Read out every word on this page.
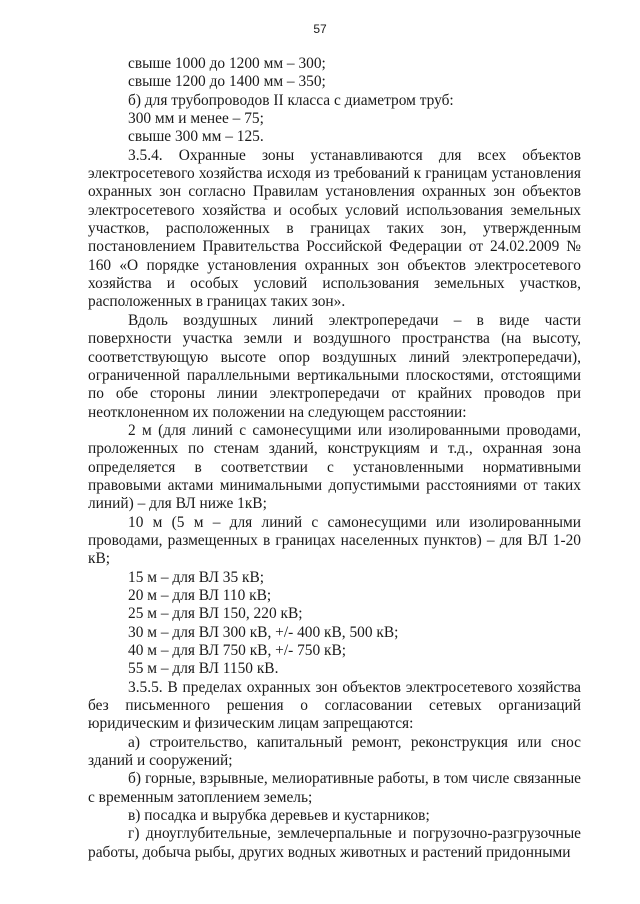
57

свыше 1000 до 1200 мм – 300;

свыше 1200 до 1400 мм – 350;

б) для трубопроводов II класса с диаметром труб:

300 мм и менее – 75;

свыше 300 мм – 125.

3.5.4. Охранные зоны устанавливаются для всех объектов электросетевого хозяйства исходя из требований к границам установления охранных зон согласно Правилам установления охранных зон объектов электросетевого хозяйства и особых условий использования земельных участков, расположенных в границах таких зон, утвержденным постановлением Правительства Российской Федерации от 24.02.2009 № 160 «О порядке установления охранных зон объектов электросетевого хозяйства и особых условий использования земельных участков, расположенных в границах таких зон».

Вдоль воздушных линий электропередачи – в виде части поверхности участка земли и воздушного пространства (на высоту, соответствующую высоте опор воздушных линий электропередачи), ограниченной параллельными вертикальными плоскостями, отстоящими по обе стороны линии электропередачи от крайних проводов при неотклоненном их положении на следующем расстоянии:

2 м (для линий с самонесущими или изолированными проводами, проложенных по стенам зданий, конструкциям и т.д., охранная зона определяется в соответствии с установленными нормативными правовыми актами минимальными допустимыми расстояниями от таких линий) – для ВЛ ниже 1кВ;

10 м (5 м – для линий с самонесущими или изолированными проводами, размещенных в границах населенных пунктов) – для ВЛ 1-20 кВ;

15 м – для ВЛ 35 кВ;

20 м – для ВЛ 110 кВ;

25 м – для ВЛ 150, 220 кВ;

30 м – для ВЛ 300 кВ, +/- 400 кВ, 500 кВ;

40 м – для ВЛ 750 кВ, +/- 750 кВ;

55 м – для ВЛ 1150 кВ.

3.5.5. В пределах охранных зон объектов электросетевого хозяйства без письменного решения о согласовании сетевых организаций юридическим и физическим лицам запрещаются:

а) строительство, капитальный ремонт, реконструкция или снос зданий и сооружений;

б) горные, взрывные, мелиоративные работы, в том числе связанные с временным затоплением земель;

в) посадка и вырубка деревьев и кустарников;

г) дноуглубительные, землечерпальные и погрузочно-разгрузочные работы, добыча рыбы, других водных животных и растений придонными
